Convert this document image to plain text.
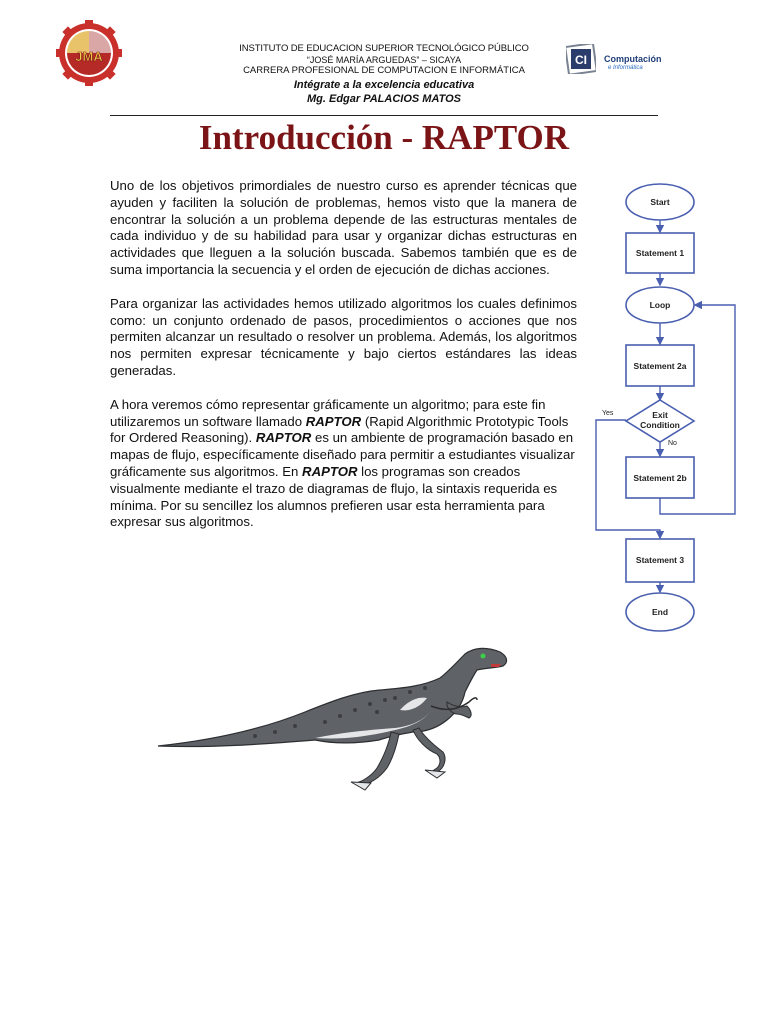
JMA	CI Computación
e Informática
INSTITUTO DE EDUCACION SUPERIOR TECNOLÓGICO PÚBLICO
“JOSÉ MARÍA ARGUEDAS” – SICAYA
CARRERA PROFESIONAL DE COMPUTACION E INFORMÁTICA
Intégrate a la excelencia educativa
Mg. Edgar PALACIOS MATOS
Introducción - RAPTOR

Uno de los objetivos primordiales de nuestro curso es aprender técnicas que ayuden y faciliten la solución de problemas, hemos visto que la manera de encontrar la solución a un problema depende de las estructuras mentales de cada individuo y de su habilidad para usar y organizar dichas estructuras en actividades que lleguen a la solución buscada. Sabemos también que es de suma importancia la secuencia y el orden de ejecución de dichas acciones.

Para organizar las actividades hemos utilizado algoritmos los cuales definimos como: un conjunto ordenado de pasos, procedimientos o acciones que nos permiten alcanzar un resultado o resolver un problema. Además, los algoritmos nos permiten expresar técnicamente y bajo ciertos estándares las ideas generadas.

A hora veremos cómo representar gráficamente un algoritmo; para este fin utilizaremos un software llamado RAPTOR (Rapid Algorithmic Prototypic Tools for Ordered Reasoning). RAPTOR es un ambiente de programación basado en mapas de flujo, específicamente diseñado para permitir a estudiantes visualizar gráficamente sus algoritmos. En RAPTOR los programas son creados visualmente mediante el trazo de diagramas de flujo, la sintaxis requerida es mínima. Por su sencillez los alumnos prefieren usar esta herramienta para expresar sus algoritmos.

Start
Statement 1
Loop
Statement 2a
Exit
Condition
Statement 2b
Statement 3
End
Yes
No
